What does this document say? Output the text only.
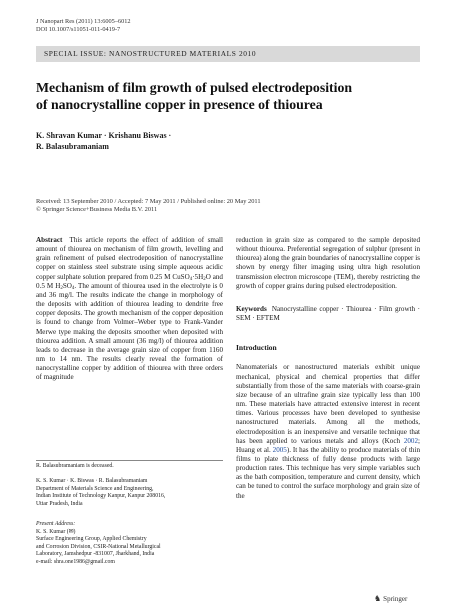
J Nanopart Res (2011) 13:6005–6012
DOI 10.1007/s11051-011-0419-7
SPECIAL ISSUE: NANOSTRUCTURED MATERIALS 2010
Mechanism of film growth of pulsed electrodeposition
of nanocrystalline copper in presence of thiourea
K. Shravan Kumar · Krishanu Biswas ·
R. Balasubramaniam
Received: 13 September 2010 / Accepted: 7 May 2011 / Published online: 20 May 2011
© Springer Science+Business Media B.V. 2011

Abstract This article reports the effect of addition of small amount of thiourea on mechanism of film growth, levelling and grain refinement of pulsed electrodeposition of nanocrystalline copper on stainless steel substrate using simple aqueous acidic copper sulphate solution prepared from 0.25 M $CuSO_4\cdot 5H_2O$ and 0.5 M $H_2SO_4$. The amount of thiourea used in the electrolyte is 0 and 36 mg/l. The results indicate the change in morphology of the deposits with addition of thiourea leading to dendrite free copper deposits. The growth mechanism of the copper deposition is found to change from Volmer–Weber type to Frank-Vander Merwe type making the deposits smoother when deposited with thiourea addition. A small amount (36 mg/l) of thiourea addition leads to decrease in the average grain size of copper from 1160 nm to 14 nm. The results clearly reveal the formation of nanocrystalline copper by addition of thiourea with three orders of magnitude

R. Balasubramaniam is deceased.
K. S. Kumar · K. Biswas · R. Balasubramaniam
Department of Materials Science and Engineering,
Indian Institute of Technology Kanpur, Kanpur 208016,
Uttar Pradesh, India
Present Address:
K. S. Kumar (✉)
Surface Engineering Group, Applied Chemistry
and Corrosion Division, CSIR-National Metallurgical
Laboratory, Jamshedpur -831007, Jharkhand, India
e-mail: shra.one1986@gmail.com

reduction in grain size as compared to the sample deposited without thiourea. Preferential segregation of sulphur (present in thiourea) along the grain boundaries of nanocrystalline copper is shown by energy filter imaging using ultra high resolution transmission electron microscope (TEM), thereby restricting the growth of copper grains during pulsed electrodeposition.

Keywords Nanocrystalline copper · Thiourea · Film growth · SEM · EFTEM

Introduction

Nanomaterials or nanostructured materials exhibit unique mechanical, physical and chemical properties that differ substantially from those of the same materials with coarse-grain size because of an ultrafine grain size typically less than 100 nm. These materials have attracted extensive interest in recent times. Various processes have been developed to synthesise nanostructured materials. Among all the methods, electrodeposition is an inexpensive and versatile technique that has been applied to various metals and alloys (Koch 2002; Huang et al. 2005). It has the ability to produce materials of thin films to plate thickness of fully dense products with large production rates. This technique has very simple variables such as the bath composition, temperature and current density, which can be tuned to control the surface morphology and grain size of the

♞ Springer
